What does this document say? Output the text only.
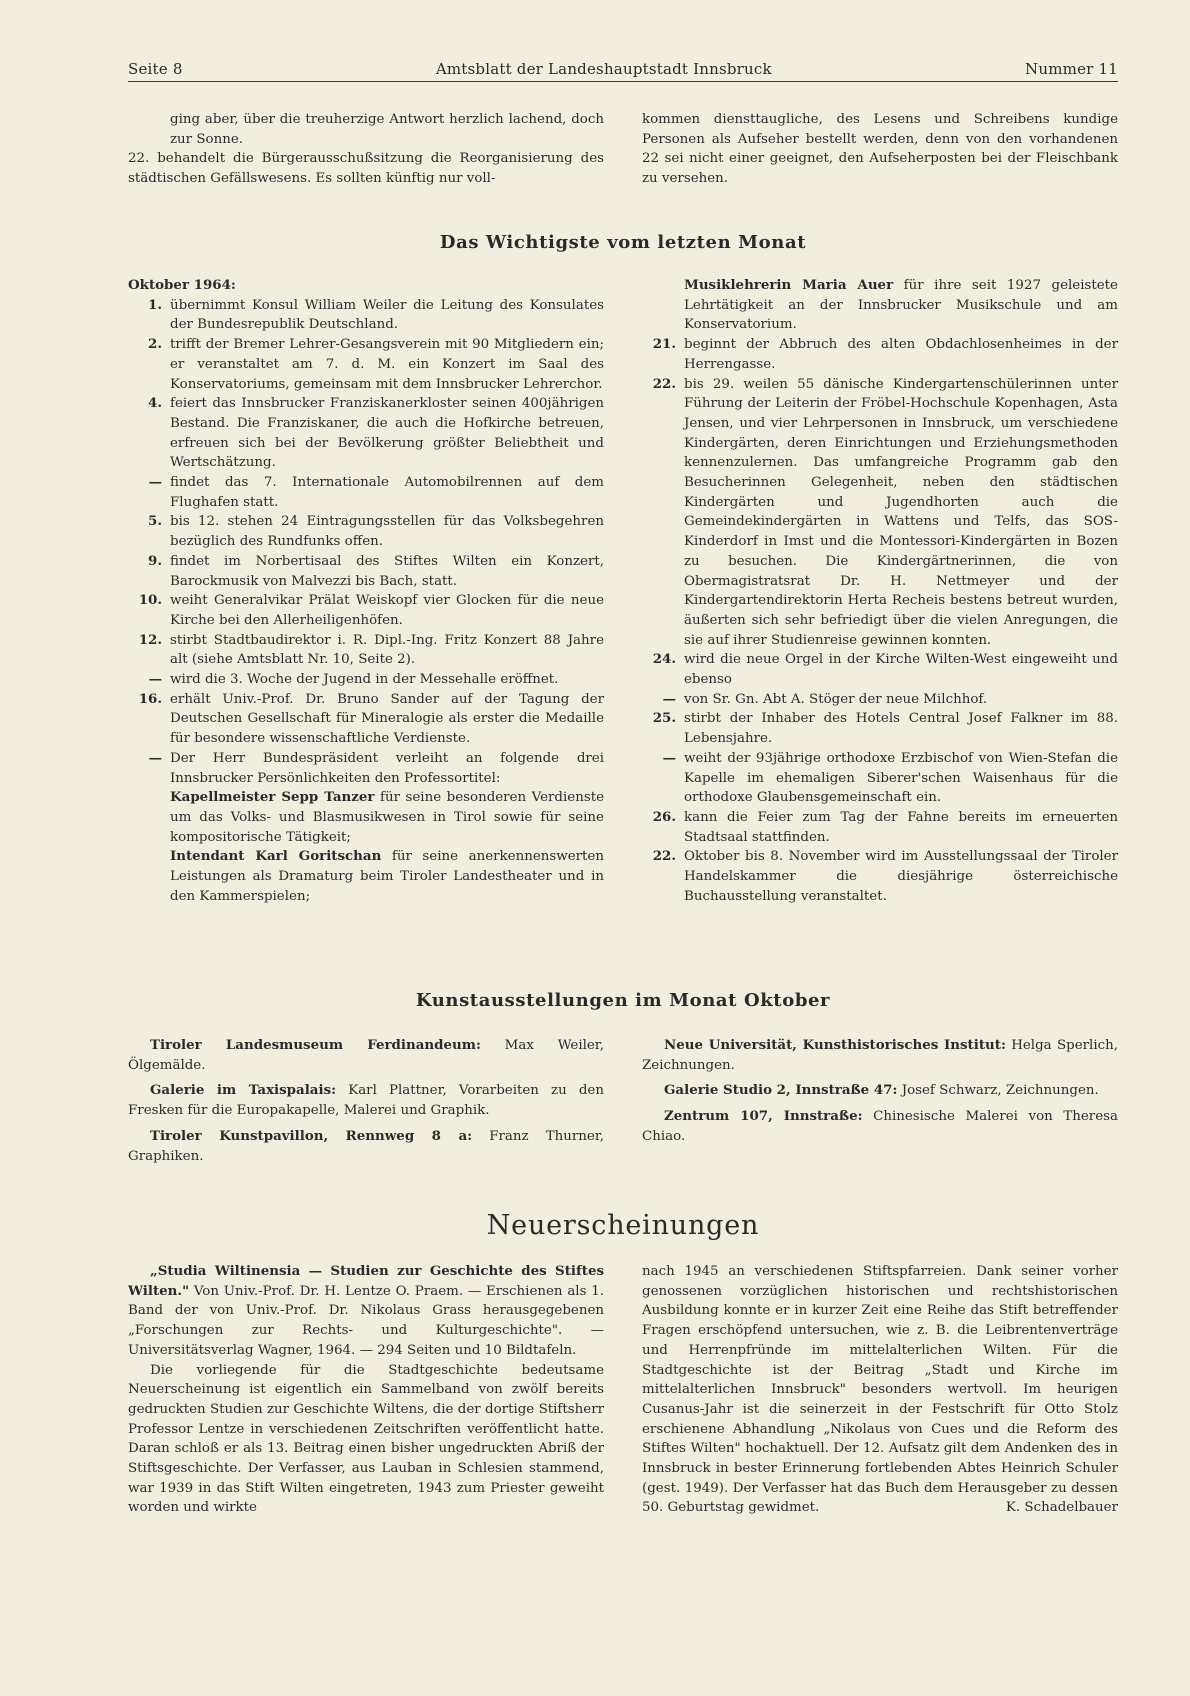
Seite 8	Amtsblatt der Landeshauptstadt Innsbruck	Nummer 11
ging aber, über die treuherzige Antwort herzlich lachend, doch zur Sonne.

22. behandelt die Bürgerausschußsitzung die Reorganisierung des städtischen Gefällswesens. Es sollten künftig nur voll-

kommen diensttaugliche, des Lesens und Schreibens kundige Personen als Aufseher bestellt werden, denn von den vorhandenen 22 sei nicht einer geeignet, den Aufseherposten bei der Fleischbank zu versehen.

Das Wichtigste vom letzten Monat

Oktober 1964:

1. übernimmt Konsul William Weiler die Leitung des Konsulates der Bundesrepublik Deutschland.
2. trifft der Bremer Lehrer-Gesangsverein mit 90 Mitgliedern ein; er veranstaltet am 7. d. M. ein Konzert im Saal des Konservatoriums, gemeinsam mit dem Innsbrucker Lehrerchor.
4. feiert das Innsbrucker Franziskanerkloster seinen 400jährigen Bestand. Die Franziskaner, die auch die Hofkirche betreuen, erfreuen sich bei der Bevölkerung größter Beliebtheit und Wertschätzung.
— findet das 7. Internationale Automobilrennen auf dem Flughafen statt.
5. bis 12. stehen 24 Eintragungsstellen für das Volksbegehren bezüglich des Rundfunks offen.
9. findet im Norbertisaal des Stiftes Wilten ein Konzert, Barockmusik von Malvezzi bis Bach, statt.
10. weiht Generalvikar Prälat Weiskopf vier Glocken für die neue Kirche bei den Allerheiligenhöfen.
12. stirbt Stadtbaudirektor i. R. Dipl.-Ing. Fritz Konzert 88 Jahre alt (siehe Amtsblatt Nr. 10, Seite 2).
— wird die 3. Woche der Jugend in der Messehalle eröffnet.
16. erhält Univ.-Prof. Dr. Bruno Sander auf der Tagung der Deutschen Gesellschaft für Mineralogie als erster die Medaille für besondere wissenschaftliche Verdienste.
— Der Herr Bundespräsident verleiht an folgende drei Innsbrucker Persönlichkeiten den Professortitel:

Kapellmeister Sepp Tanzer für seine besonderen Verdienste um das Volks- und Blasmusikwesen in Tirol sowie für seine kompositorische Tätigkeit;

Intendant Karl Goritschan für seine anerkennenswerten Leistungen als Dramaturg beim Tiroler Landestheater und in den Kammerspielen;

Musiklehrerin Maria Auer für ihre seit 1927 geleistete Lehrtätigkeit an der Innsbrucker Musikschule und am Konservatorium.

21. beginnt der Abbruch des alten Obdachlosenheimes in der Herrengasse.
22. bis 29. weilen 55 dänische Kindergartenschülerinnen unter Führung der Leiterin der Fröbel-Hochschule Kopenhagen, Asta Jensen, und vier Lehrpersonen in Innsbruck, um verschiedene Kindergärten, deren Einrichtungen und Erziehungsmethoden kennenzulernen. Das umfangreiche Programm gab den Besucherinnen Gelegenheit, neben den städtischen Kindergärten und Jugendhorten auch die Gemeindekindergärten in Wattens und Telfs, das SOS-Kinderdorf in Imst und die Montessori-Kindergärten in Bozen zu besuchen. Die Kindergärtnerinnen, die von Obermagistratsrat Dr. H. Nettmeyer und der Kindergartendirektorin Herta Recheis bestens betreut wurden, äußerten sich sehr befriedigt über die vielen Anregungen, die sie auf ihrer Studienreise gewinnen konnten.
24. wird die neue Orgel in der Kirche Wilten-West eingeweiht und ebenso
— von Sr. Gn. Abt A. Stöger der neue Milchhof.
25. stirbt der Inhaber des Hotels Central Josef Falkner im 88. Lebensjahre.
— weiht der 93jährige orthodoxe Erzbischof von Wien-Stefan die Kapelle im ehemaligen Siberer'schen Waisenhaus für die orthodoxe Glaubensgemeinschaft ein.
26. kann die Feier zum Tag der Fahne bereits im erneuerten Stadtsaal stattfinden.
22. Oktober bis 8. November wird im Ausstellungssaal der Tiroler Handelskammer die diesjährige österreichische Buchausstellung veranstaltet.
Kunstausstellungen im Monat Oktober

Tiroler Landesmuseum Ferdinandeum: Max Weiler, Ölgemälde.

Galerie im Taxispalais: Karl Plattner, Vorarbeiten zu den Fresken für die Europakapelle, Malerei und Graphik.

Tiroler Kunstpavillon, Rennweg 8 a: Franz Thurner, Graphiken.

Neue Universität, Kunsthistorisches Institut: Helga Sperlich, Zeichnungen.

Galerie Studio 2, Innstraße 47: Josef Schwarz, Zeichnungen.

Zentrum 107, Innstraße: Chinesische Malerei von Theresa Chiao.

Neuerscheinungen

„Studia Wiltinensia — Studien zur Geschichte des Stiftes Wilten." Von Univ.-Prof. Dr. H. Lentze O. Praem. — Erschienen als 1. Band der von Univ.-Prof. Dr. Nikolaus Grass herausgegebenen „Forschungen zur Rechts- und Kulturgeschichte". — Universitätsverlag Wagner, 1964. — 294 Seiten und 10 Bildtafeln.

Die vorliegende für die Stadtgeschichte bedeutsame Neuerscheinung ist eigentlich ein Sammelband von zwölf bereits gedruckten Studien zur Geschichte Wiltens, die der dortige Stiftsherr Professor Lentze in verschiedenen Zeitschriften veröffentlicht hatte. Daran schloß er als 13. Beitrag einen bisher ungedruckten Abriß der Stiftsgeschichte. Der Verfasser, aus Lauban in Schlesien stammend, war 1939 in das Stift Wilten eingetreten, 1943 zum Priester geweiht worden und wirkte

nach 1945 an verschiedenen Stiftspfarreien. Dank seiner vorher genossenen vorzüglichen historischen und rechtshistorischen Ausbildung konnte er in kurzer Zeit eine Reihe das Stift betreffender Fragen erschöpfend untersuchen, wie z. B. die Leibrentenverträge und Herrenpfründe im mittelalterlichen Wilten. Für die Stadtgeschichte ist der Beitrag „Stadt und Kirche im mittelalterlichen Innsbruck" besonders wertvoll. Im heurigen Cusanus-Jahr ist die seinerzeit in der Festschrift für Otto Stolz erschienene Abhandlung „Nikolaus von Cues und die Reform des Stiftes Wilten" hochaktuell. Der 12. Aufsatz gilt dem Andenken des in Innsbruck in bester Erinnerung fortlebenden Abtes Heinrich Schuler (gest. 1949). Der Verfasser hat das Buch dem Herausgeber zu dessen 50. Geburtstag gewidmet.	K. Schadelbauer
